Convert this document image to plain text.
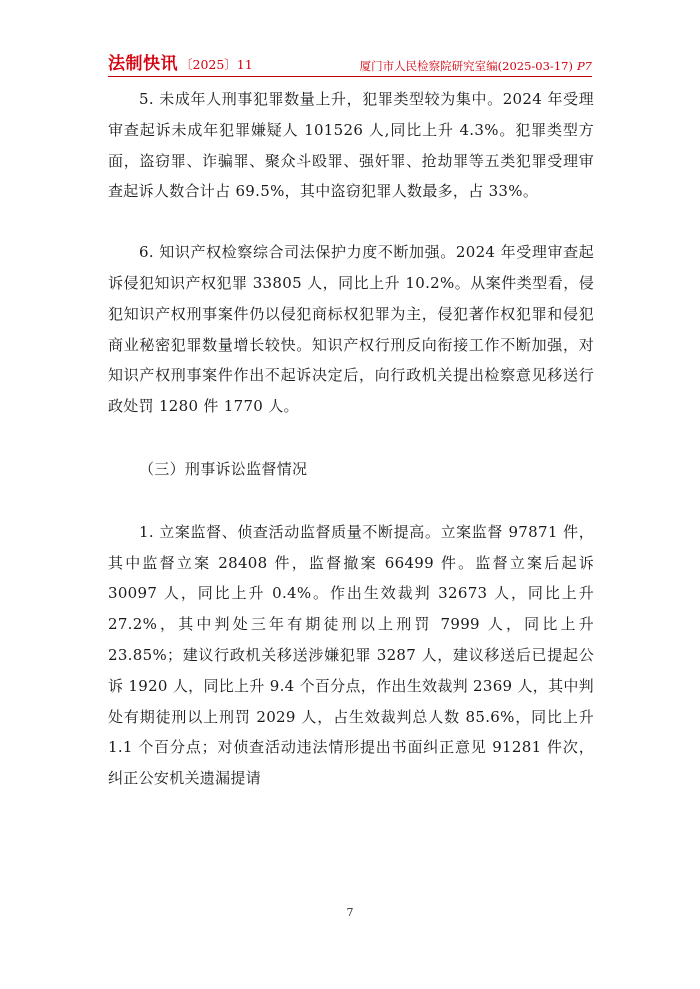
法制快讯 〔2025〕11	厦门市人民检察院研究室编(2025-03-17) P7

5. 未成年人刑事犯罪数量上升，犯罪类型较为集中。2024 年受理审查起诉未成年犯罪嫌疑人 101526 人,同比上升 4.3%。犯罪类型方面，盗窃罪、诈骗罪、聚众斗殴罪、强奸罪、抢劫罪等五类犯罪受理审查起诉人数合计占 69.5%，其中盗窃犯罪人数最多，占 33%。

6. 知识产权检察综合司法保护力度不断加强。2024 年受理审查起诉侵犯知识产权犯罪 33805 人，同比上升 10.2%。从案件类型看，侵犯知识产权刑事案件仍以侵犯商标权犯罪为主，侵犯著作权犯罪和侵犯商业秘密犯罪数量增长较快。知识产权行刑反向衔接工作不断加强，对知识产权刑事案件作出不起诉决定后，向行政机关提出检察意见移送行政处罚 1280 件 1770 人。

（三）刑事诉讼监督情况

1. 立案监督、侦查活动监督质量不断提高。立案监督 97871 件，其中监督立案 28408 件，监督撤案 66499 件。监督立案后起诉 30097 人，同比上升 0.4%。作出生效裁判 32673 人，同比上升 27.2%，其中判处三年有期徒刑以上刑罚 7999 人，同比上升 23.85%；建议行政机关移送涉嫌犯罪 3287 人，建议移送后已提起公诉 1920 人，同比上升 9.4 个百分点，作出生效裁判 2369 人，其中判处有期徒刑以上刑罚 2029 人，占生效裁判总人数 85.6%，同比上升 1.1 个百分点；对侦查活动违法情形提出书面纠正意见 91281 件次，纠正公安机关遗漏提请

7
